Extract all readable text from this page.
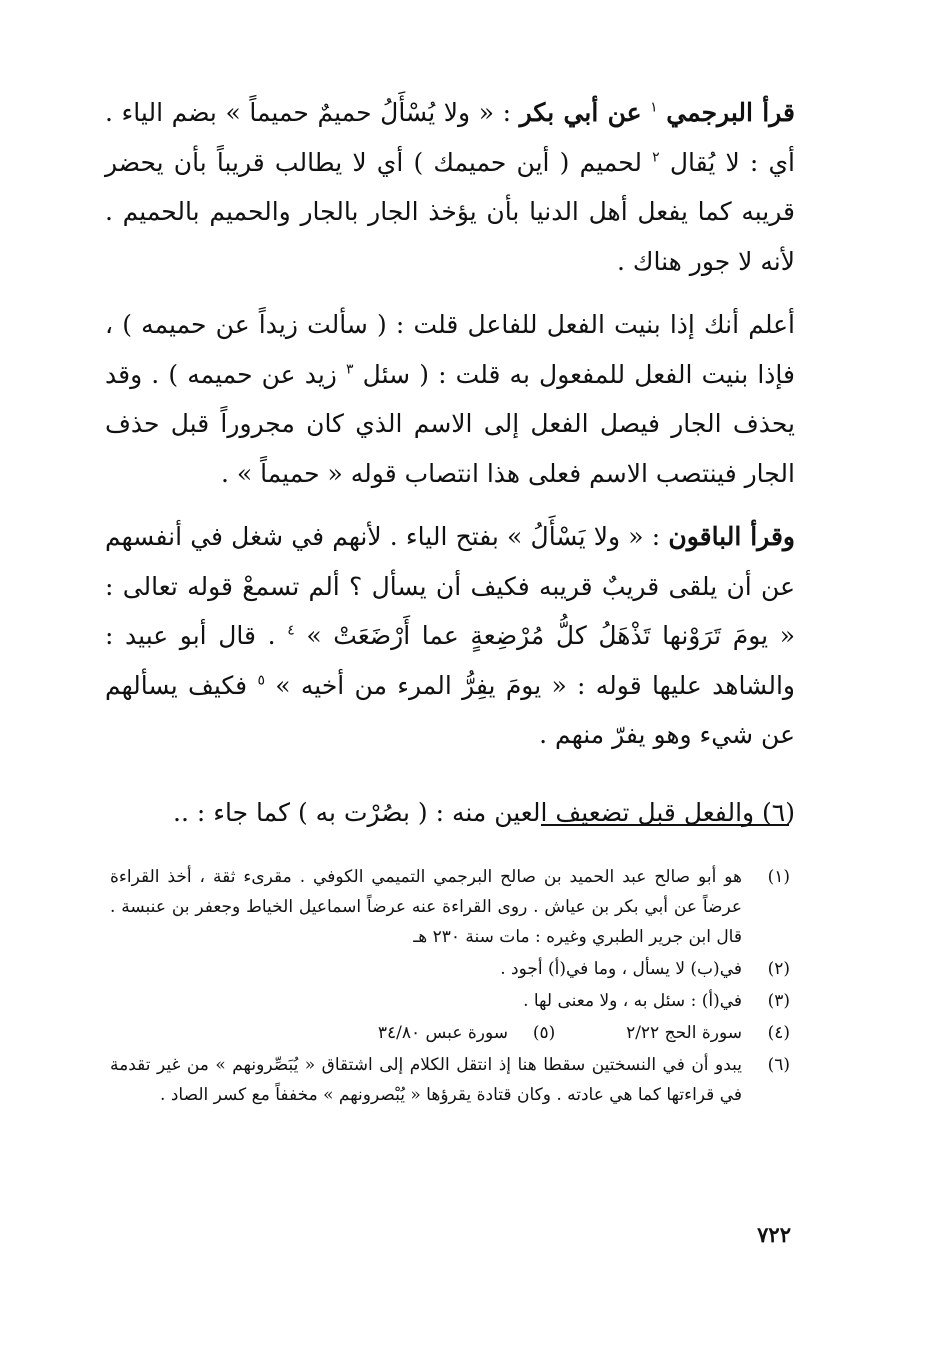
قرأ البرجمي $^١$ عن أبي بكر : « ولا يُسْأَلُ حميمٌ حميماً » بضم الياء . أي : لا يُقال $^٢$ لحميم ( أين حميمك ) أي لا يطالب قريباً بأن يحضر قريبه كما يفعل أهل الدنيا بأن يؤخذ الجار بالجار والحميم بالحميم . لأنه لا جور هناك .

أعلم أنك إذا بنيت الفعل للفاعل قلت : ( سألت زيداً عن حميمه ) ، فإذا بنيت الفعل للمفعول به قلت : ( سئل $^٣$ زيد عن حميمه ) . وقد يحذف الجار فيصل الفعل إلى الاسم الذي كان مجروراً قبل حذف الجار فينتصب الاسم فعلى هذا انتصاب قوله « حميماً » .

وقرأ الباقون : « ولا يَسْأَلُ » بفتح الياء . لأنهم في شغل في أنفسهم عن أن يلقى قريبٌ قريبه فكيف أن يسأل ؟ ألم تسمعْ قوله تعالى : « يومَ تَرَوْنها تَذْهَلُ كلُّ مُرْضِعةٍ عما أَرْضَعَتْ » $^٤$ . قال أبو عبيد : والشاهد عليها قوله : « يومَ يفِرُّ المرء من أخيه » $^٥$ فكيف يسألهم عن شيء وهو يفرّ منهم .

(٦) والفعل قبل تضعيف العين منه : ( بصُرْت به ) كما جاء : ..

(١)
هو أبو صالح عبد الحميد بن صالح البرجمي التميمي الكوفي . مقرىء ثقة ، أخذ القراءة عرضاً عن أبي بكر بن عياش . روى القراءة عنه عرضاً اسماعيل الخياط وجعفر بن عنبسة . قال ابن جرير الطبري وغيره : مات سنة ٢٣٠ هـ
(٢)
في(ب) لا يسأل ، وما في(أ) أجود .
(٣)
في(أ) : سئل به ، ولا معنى لها .
(٤)
سورة الحج ٢/٢٢  (٥)  سورة عبس ٣٤/٨٠
(٦)
يبدو أن في النسختين سقطا هنا إذ انتقل الكلام إلى اشتقاق « يُبَصِّرونهم » من غير تقدمة في قراءتها كما هي عادته . وكان قتادة يقرؤها « يُبْصرونهم » مخففاً مع كسر الصاد .
٧٢٢
